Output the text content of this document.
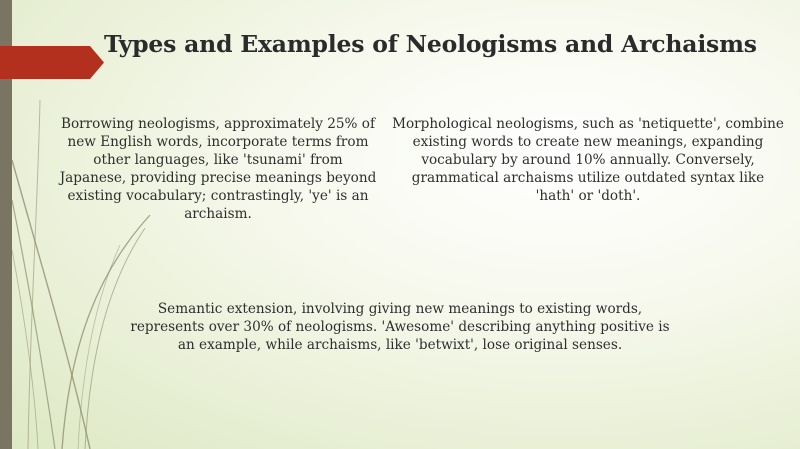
Types and Examples of Neologisms and Archaisms

Borrowing neologisms, approximately 25% of new English words, incorporate terms from other languages, like 'tsunami' from Japanese, providing precise meanings beyond existing vocabulary; contrastingly, 'ye' is an archaism.

Morphological neologisms, such as 'netiquette', combine existing words to create new meanings, expanding vocabulary by around 10% annually. Conversely, grammatical archaisms utilize outdated syntax like 'hath' or 'doth'.

Semantic extension, involving giving new meanings to existing words, represents over 30% of neologisms. 'Awesome' describing anything positive is an example, while archaisms, like 'betwixt', lose original senses.
